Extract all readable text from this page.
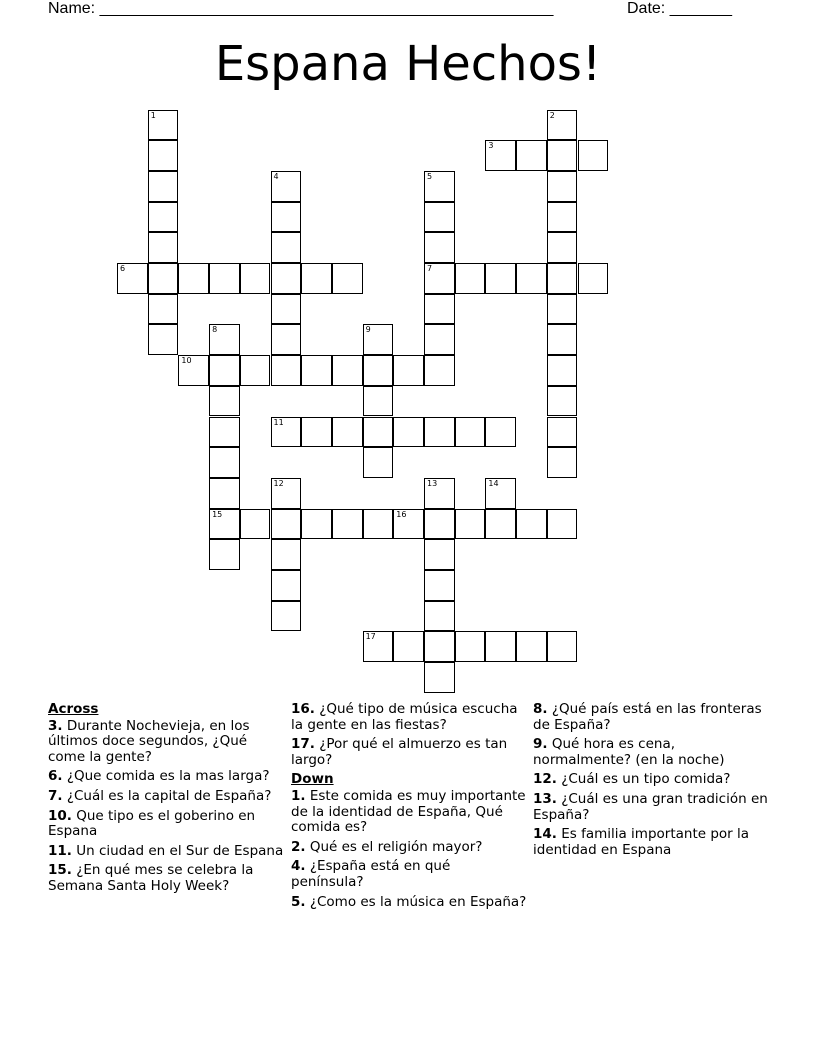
Name: ___________________________________________________	Date: _______
Espana Hechos!
1	2
3
4	5
7
6
8
15
9
10
12	13	14
16
17
11
Across
3. Durante Nochevieja, en los últimos doce segundos, ¿Qué come la gente?
6. ¿Que comida es la mas larga?
7. ¿Cuál es la capital de España?
10. Que tipo es el goberino en Espana
11. Un ciudad en el Sur de Espana
15. ¿En qué mes se celebra la Semana Santa Holy Week?
16. ¿Qué tipo de música escucha la gente en las fiestas?
17. ¿Por qué el almuerzo es tan largo?
Down
1. Este comida es muy importante de la identidad de España, Qué comida es?
2. Qué es el religión mayor?
4. ¿España está en qué península?
5. ¿Como es la música en España?
8. ¿Qué país está en las fronteras de España?
9. Qué hora es cena, normalmente? (en la noche)
12. ¿Cuál es un tipo comida?
13. ¿Cuál es una gran tradición en España?
14. Es familia importante por la identidad en Espana
